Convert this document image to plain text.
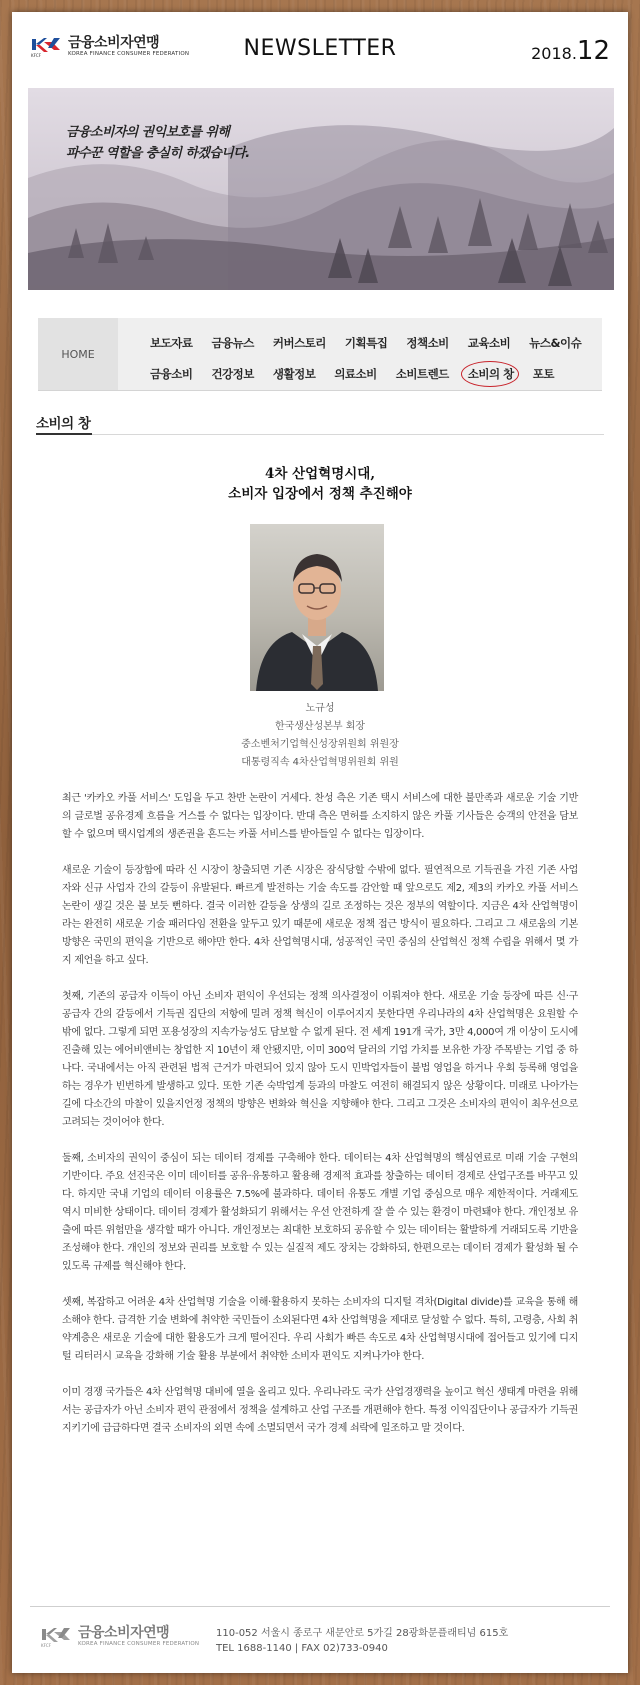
KFCF
금융소비자연맹
KOREA FINANCE CONSUMER FEDERATION	NEWSLETTER	2018.12
금융소비자의 권익보호를 위해
파수꾼 역할을 충실히 하겠습니다.
HOME
보도자료 금융뉴스 커버스토리 기획특집 정책소비 교육소비 뉴스&이슈
금융소비 건강정보 생활정보 의료소비 소비트렌드 소비의 창 포토
소비의 창
4차 산업혁명시대,
소비자 입장에서 정책 추진해야
노규성
한국생산성본부 회장
중소벤처기업혁신성장위원회 위원장
대통령직속 4차산업혁명위원회 위원

최근 '카카오 카풀 서비스' 도입을 두고 찬반 논란이 거세다. 찬성 측은 기존 택시 서비스에 대한 불만족과 새로운 기술 기반의 글로벌 공유경제 흐름을 거스를 수 없다는 입장이다. 반대 측은 면허를 소지하지 않은 카풀 기사들은 승객의 안전을 담보할 수 없으며 택시업계의 생존권을 흔드는 카풀 서비스를 받아들일 수 없다는 입장이다.

새로운 기술이 등장함에 따라 신 시장이 창출되면 기존 시장은 잠식당할 수밖에 없다. 필연적으로 기득권을 가진 기존 사업자와 신규 사업자 간의 갈등이 유발된다. 빠르게 발전하는 기술 속도를 감안할 때 앞으로도 제2, 제3의 카카오 카풀 서비스 논란이 생길 것은 불 보듯 뻔하다. 결국 이러한 갈등을 상생의 길로 조정하는 것은 정부의 역할이다. 지금은 4차 산업혁명이라는 완전히 새로운 기술 패러다임 전환을 앞두고 있기 때문에 새로운 정책 접근 방식이 필요하다. 그리고 그 새로움의 기본 방향은 국민의 편익을 기반으로 해야만 한다. 4차 산업혁명시대, 성공적인 국민 중심의 산업혁신 정책 수립을 위해서 몇 가지 제언을 하고 싶다.

첫째, 기존의 공급자 이득이 아닌 소비자 편익이 우선되는 정책 의사결정이 이뤄져야 한다. 새로운 기술 등장에 따른 신·구 공급자 간의 갈등에서 기득권 집단의 저항에 밀려 정책 혁신이 이루어지지 못한다면 우리나라의 4차 산업혁명은 요원할 수밖에 없다. 그렇게 되면 포용성장의 지속가능성도 담보할 수 없게 된다. 전 세계 191개 국가, 3만 4,000여 개 이상이 도시에 진출해 있는 에어비앤비는 창업한 지 10년이 채 안됐지만, 이미 300억 달러의 기업 가치를 보유한 가장 주목받는 기업 중 하나다. 국내에서는 아직 관련된 법적 근거가 마련되어 있지 않아 도시 민박업자들이 불법 영업을 하거나 우회 등록해 영업을 하는 경우가 빈번하게 발생하고 있다. 또한 기존 숙박업계 등과의 마찰도 여전히 해결되지 않은 상황이다. 미래로 나아가는 길에 다소간의 마찰이 있을지언정 정책의 방향은 변화와 혁신을 지향해야 한다. 그리고 그것은 소비자의 편익이 최우선으로 고려되는 것이어야 한다.

둘째, 소비자의 권익이 중심이 되는 데이터 경제를 구축해야 한다. 데이터는 4차 산업혁명의 핵심연료로 미래 기술 구현의 기반이다. 주요 선진국은 이미 데이터를 공유·유통하고 활용해 경제적 효과를 창출하는 데이터 경제로 산업구조를 바꾸고 있다. 하지만 국내 기업의 데이터 이용률은 7.5%에 불과하다. 데이터 유통도 개별 기업 중심으로 매우 제한적이다. 거래제도 역시 미비한 상태이다. 데이터 경제가 활성화되기 위해서는 우선 안전하게 잘 쓸 수 있는 환경이 마련돼야 한다. 개인정보 유출에 따른 위험만을 생각할 때가 아니다. 개인정보는 최대한 보호하되 공유할 수 있는 데이터는 활발하게 거래되도록 기반을 조성해야 한다. 개인의 정보와 권리를 보호할 수 있는 실질적 제도 장치는 강화하되, 한편으로는 데이터 경제가 활성화 될 수 있도록 규제를 혁신해야 한다.

셋째, 복잡하고 어려운 4차 산업혁명 기술을 이해·활용하지 못하는 소비자의 디지털 격차(Digital divide)를 교육을 통해 해소해야 한다. 급격한 기술 변화에 취약한 국민들이 소외된다면 4차 산업혁명을 제대로 달성할 수 없다. 특히, 고령층, 사회 취약계층은 새로운 기술에 대한 활용도가 크게 떨어진다. 우리 사회가 빠른 속도로 4차 산업혁명시대에 접어들고 있기에 디지털 리터러시 교육을 강화해 기술 활용 부분에서 취약한 소비자 편익도 지켜나가야 한다.

이미 경쟁 국가들은 4차 산업혁명 대비에 열을 올리고 있다. 우리나라도 국가 산업경쟁력을 높이고 혁신 생태계 마련을 위해서는 공급자가 아닌 소비자 편익 관점에서 정책을 설계하고 산업 구조를 개편해야 한다. 특정 이익집단이나 공급자가 기득권 지키기에 급급하다면 결국 소비자의 외면 속에 소멸되면서 국가 경제 쇠락에 일조하고 말 것이다.

KFCF
금융소비자연맹
KOREA FINANCE CONSUMER FEDERATION
110-052 서울시 종로구 새문안로 5가길 28광화문플래티넘 615호
TEL 1688-1140 | FAX 02)733-0940
